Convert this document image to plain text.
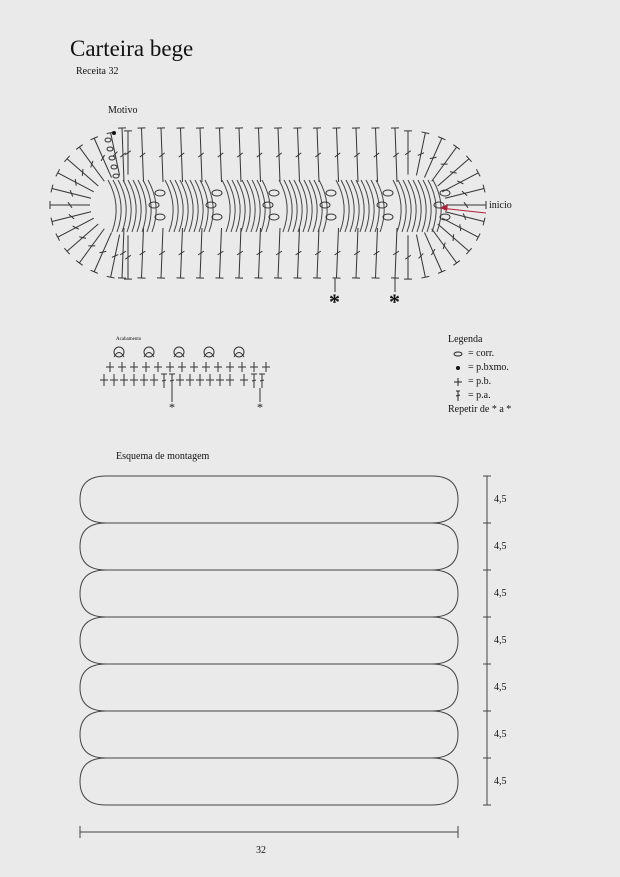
Carteira bege
Receita 32
Motivo
inicio
* *
Acabamento
*	*
Legenda
= corr.
= p.bxmo.
= p.b.
= p.a.
Repetir de * a *
Esquema de montagem
4,5
4,5
4,5
4,5
4,5
4,5
4,5
32
